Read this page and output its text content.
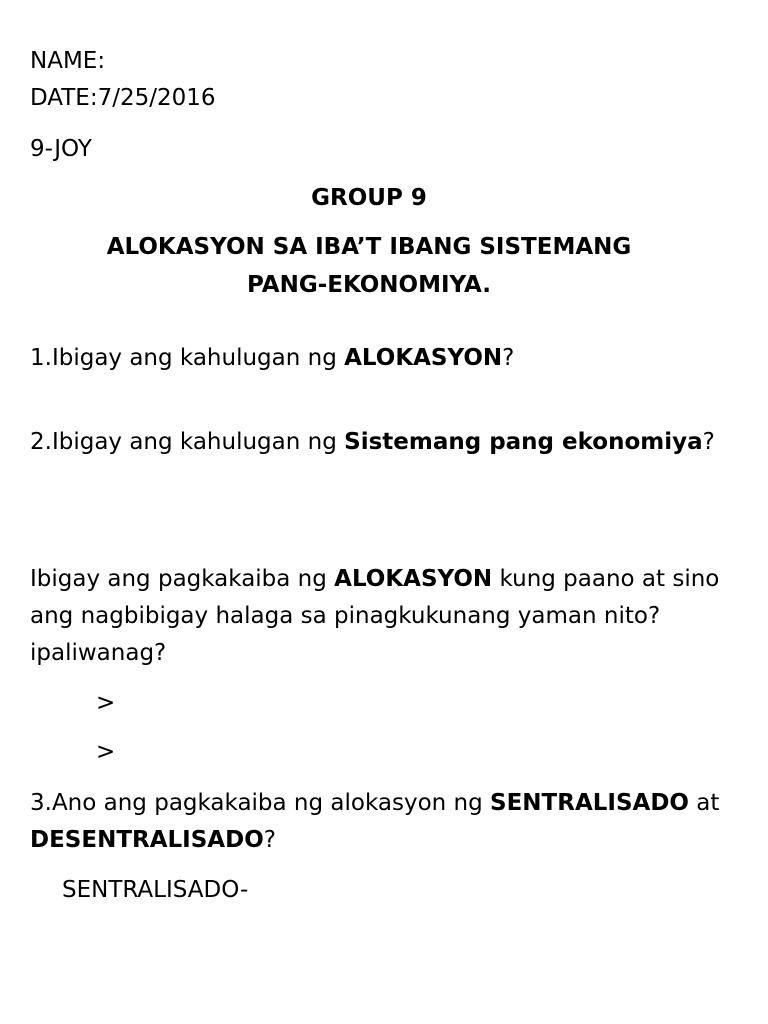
NAME:
DATE:7/25/2016
9-JOY
GROUP 9
ALOKASYON SA IBA’T IBANG SISTEMANG
PANG-EKONOMIYA.
1.Ibigay ang kahulugan ng ALOKASYON?
2.Ibigay ang kahulugan ng Sistemang pang ekonomiya?
Ibigay ang pagkakaiba ng ALOKASYON kung paano at sino ang nagbibigay halaga sa pinagkukunang yaman nito?ipaliwanag?
>
>
3.Ano ang pagkakaiba ng alokasyon ng SENTRALISADO at DESENTRALISADO?
SENTRALISADO-
